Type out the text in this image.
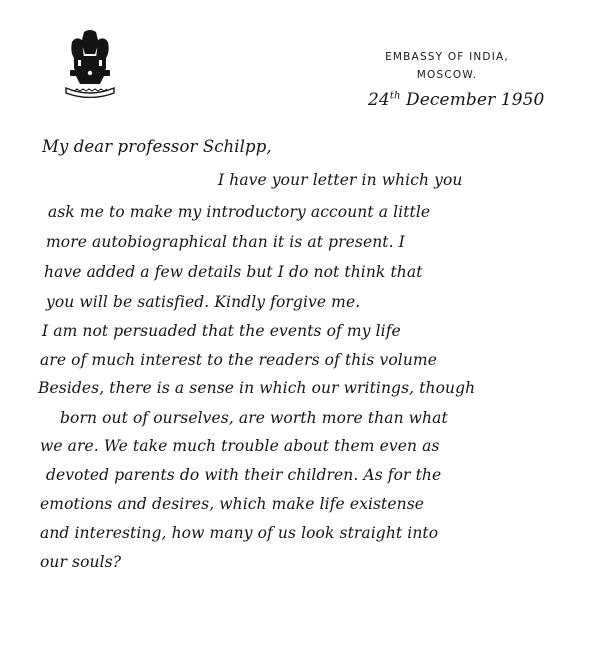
EMBASSY OF INDIA,
MOSCOW.
24th December 1950
My dear professor Schilpp,
I have your letter in which you
ask me to make my introductory account a little
more autobiographical than it is at present. I
have added a few details but I do not think that
you will be satisfied. Kindly forgive me.
I am not persuaded that the events of my life
are of much interest to the readers of this volume
Besides, there is a sense in which our writings, though
born out of ourselves, are worth more than what
we are. We take much trouble about them even as
devoted parents do with their children. As for the
emotions and desires, which make life existense
and interesting, how many of us look straight into
our souls?
